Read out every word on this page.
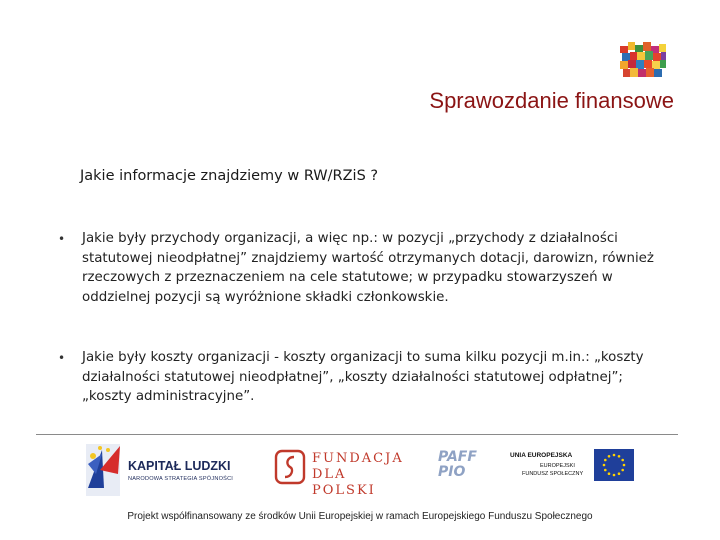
Sprawozdanie finansowe
Jakie informacje znajdziemy w RW/RZiS ?
• Jakie były przychody organizacji, a więc np.: w pozycji „przychody z działalności statutowej nieodpłatnej” znajdziemy wartość otrzymanych dotacji, darowizn, również rzeczowych z przeznaczeniem na cele statutowe; w przypadku stowarzyszeń w oddzielnej pozycji są wyróżnione składki członkowskie.
• Jakie były koszty organizacji - koszty organizacji to suma kilku pozycji m.in.: „koszty działalności statutowej nieodpłatnej”, „koszty działalności statutowej odpłatnej”; „koszty administracyjne”.
KAPITAŁ LUDZKI
NARODOWA STRATEGIA SPÓJNOŚCI
FUNDACJA
DLA POLSKI
PAFF
PIO
UNIA EUROPEJSKA
EUROPEJSKI
FUNDUSZ SPOŁECZNY
Projekt współfinansowany ze środków Unii Europejskiej w ramach Europejskiego Funduszu Społecznego
